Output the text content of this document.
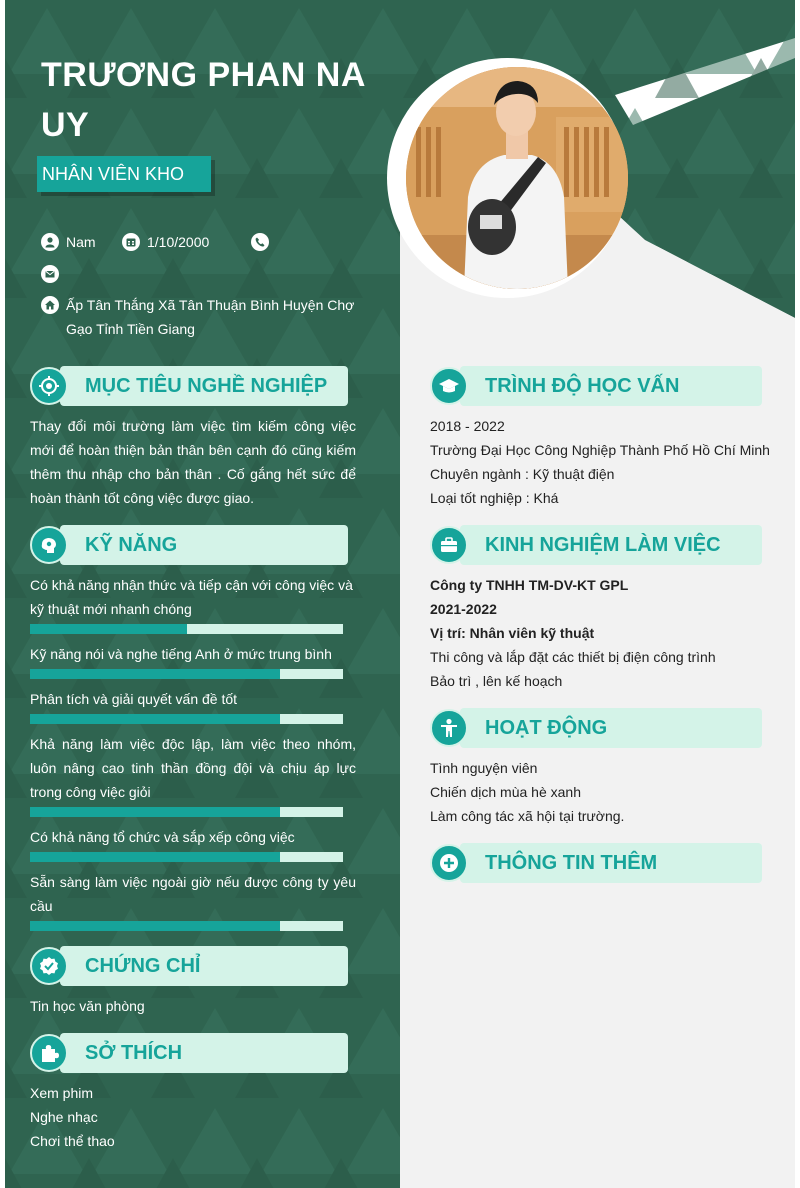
TRƯƠNG PHAN NA UY
NHÂN VIÊN KHO
Nam	1/10/2000
Ấp Tân Thắng Xã Tân Thuận Bình Huyện Chợ Gạo Tỉnh Tiền Giang
MỤC TIÊU NGHỀ NGHIỆP
Thay đổi môi trường làm việc tìm kiếm công việc mới để hoàn thiện bản thân bên cạnh đó cũng kiếm thêm thu nhập cho bản thân . Cố gắng hết sức để hoàn thành tốt công việc được giao.
KỸ NĂNG
Có khả năng nhận thức và tiếp cận với công việc và kỹ thuật mới nhanh chóng
Kỹ năng nói và nghe tiếng Anh ở mức trung bình
Phân tích và giải quyết vấn đề tốt
Khả năng làm việc độc lập, làm việc theo nhóm, luôn nâng cao tinh thần đồng đội và chịu áp lực trong công việc giỏi
Có khả năng tổ chức và sắp xếp công việc
Sẵn sàng làm việc ngoài giờ nếu được công ty yêu cầu
CHỨNG CHỈ
Tin học văn phòng
SỞ THÍCH
Xem phim
Nghe nhạc
Chơi thể thao
TRÌNH ĐỘ HỌC VẤN
2018 - 2022
Trường Đại Học Công Nghiệp Thành Phố Hồ Chí Minh
Chuyên ngành : Kỹ thuật điện
Loại tốt nghiệp : Khá
KINH NGHIỆM LÀM VIỆC
Công ty TNHH TM-DV-KT GPL
2021-2022
Vị trí: Nhân viên kỹ thuật
Thi công và lắp đặt các thiết bị điện công trình
Bảo trì , lên kế hoạch
HOẠT ĐỘNG
Tình nguyện viên
Chiến dịch mùa hè xanh
Làm công tác xã hội tại trường.
THÔNG TIN THÊM
